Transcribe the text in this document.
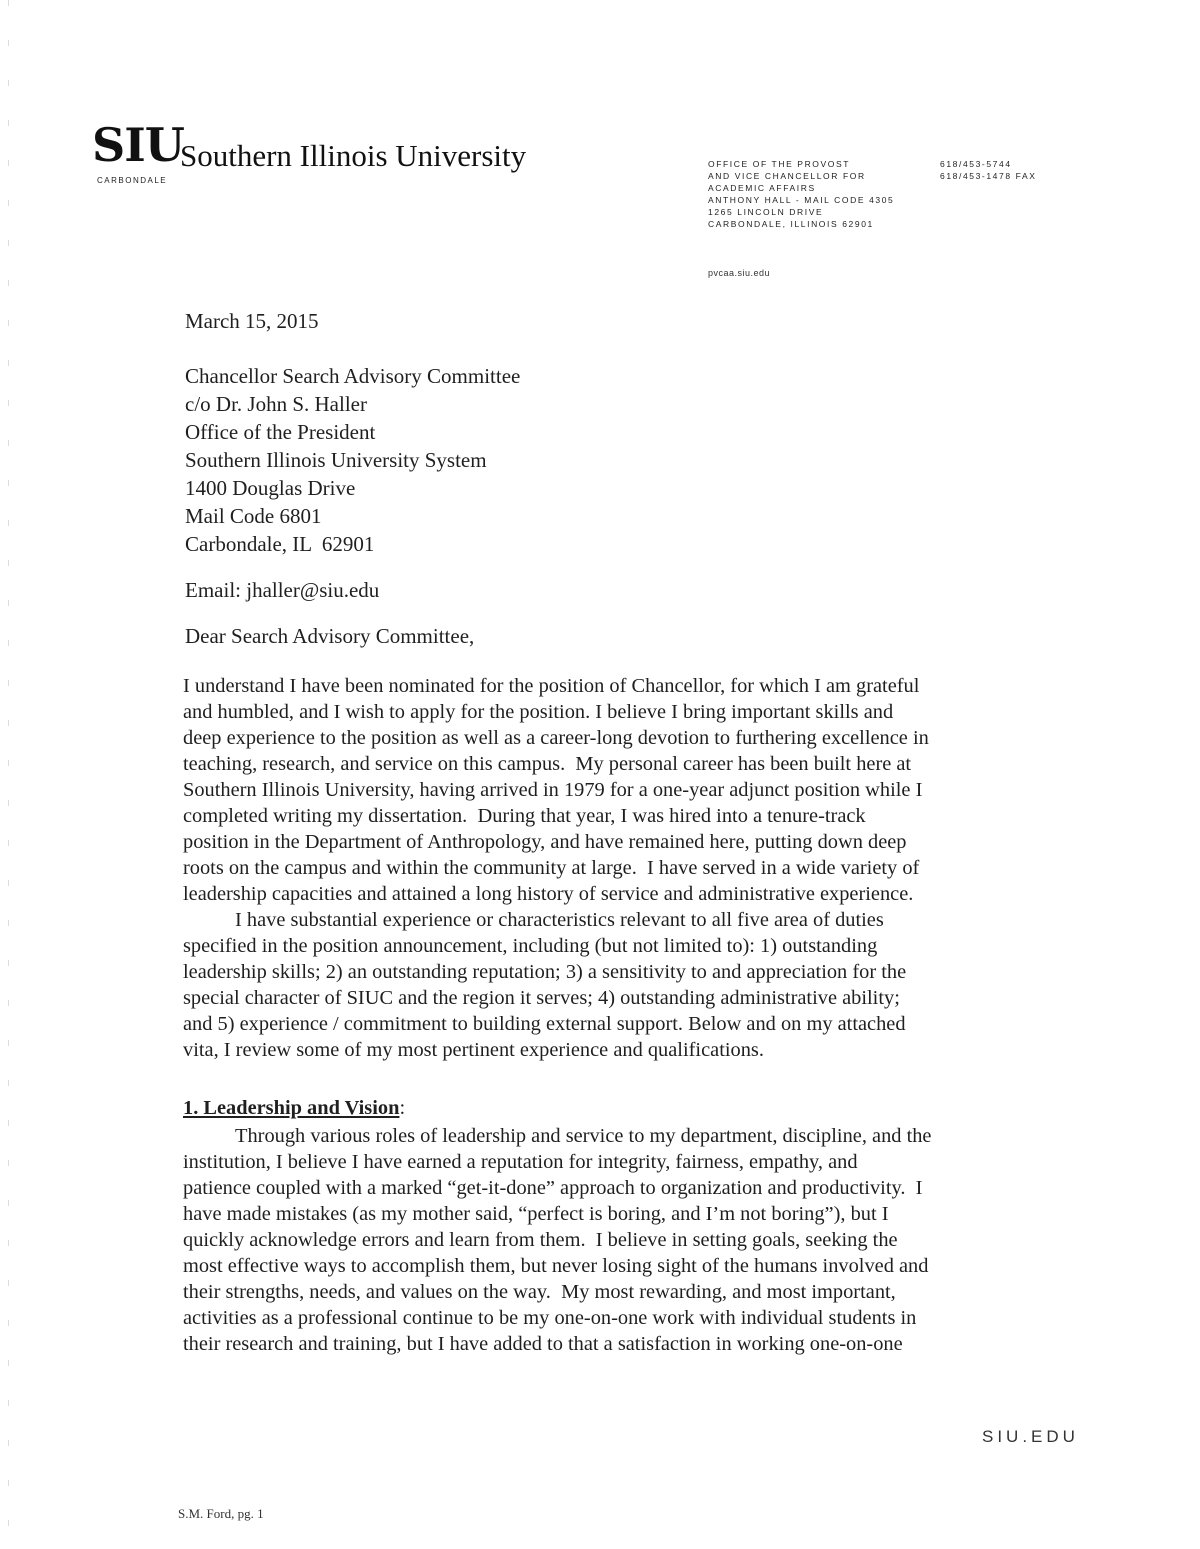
SIU
Southern Illinois University
CARBONDALE
OFFICE OF THE PROVOST
AND VICE CHANCELLOR FOR
ACADEMIC AFFAIRS
ANTHONY HALL - MAIL CODE 4305
1265 LINCOLN DRIVE
CARBONDALE, ILLINOIS 62901
618/453-5744
618/453-1478 FAX
pvcaa.siu.edu
March 15, 2015
Chancellor Search Advisory Committee
c/o Dr. John S. Haller
Office of the President
Southern Illinois University System
1400 Douglas Drive
Mail Code 6801
Carbondale, IL  62901
Email: jhaller@siu.edu
Dear Search Advisory Committee,

I understand I have been nominated for the position of Chancellor, for which I am grateful
and humbled, and I wish to apply for the position. I believe I bring important skills and
deep experience to the position as well as a career-long devotion to furthering excellence in
teaching, research, and service on this campus.  My personal career has been built here at
Southern Illinois University, having arrived in 1979 for a one-year adjunct position while I
completed writing my dissertation.  During that year, I was hired into a tenure-track
position in the Department of Anthropology, and have remained here, putting down deep
roots on the campus and within the community at large.  I have served in a wide variety of
leadership capacities and attained a long history of service and administrative experience.

I have substantial experience or characteristics relevant to all five area of duties
specified in the position announcement, including (but not limited to): 1) outstanding
leadership skills; 2) an outstanding reputation; 3) a sensitivity to and appreciation for the
special character of SIUC and the region it serves; 4) outstanding administrative ability;
and 5) experience / commitment to building external support. Below and on my attached
vita, I review some of my most pertinent experience and qualifications.

1. Leadership and Vision:
Through various roles of leadership and service to my department, discipline, and the
institution, I believe I have earned a reputation for integrity, fairness, empathy, and
patience coupled with a marked “get-it-done” approach to organization and productivity.  I
have made mistakes (as my mother said, “perfect is boring, and I’m not boring”), but I
quickly acknowledge errors and learn from them.  I believe in setting goals, seeking the
most effective ways to accomplish them, but never losing sight of the humans involved and
their strengths, needs, and values on the way.  My most rewarding, and most important,
activities as a professional continue to be my one-on-one work with individual students in
their research and training, but I have added to that a satisfaction in working one-on-one
SIU.EDU
S.M. Ford, pg. 1
